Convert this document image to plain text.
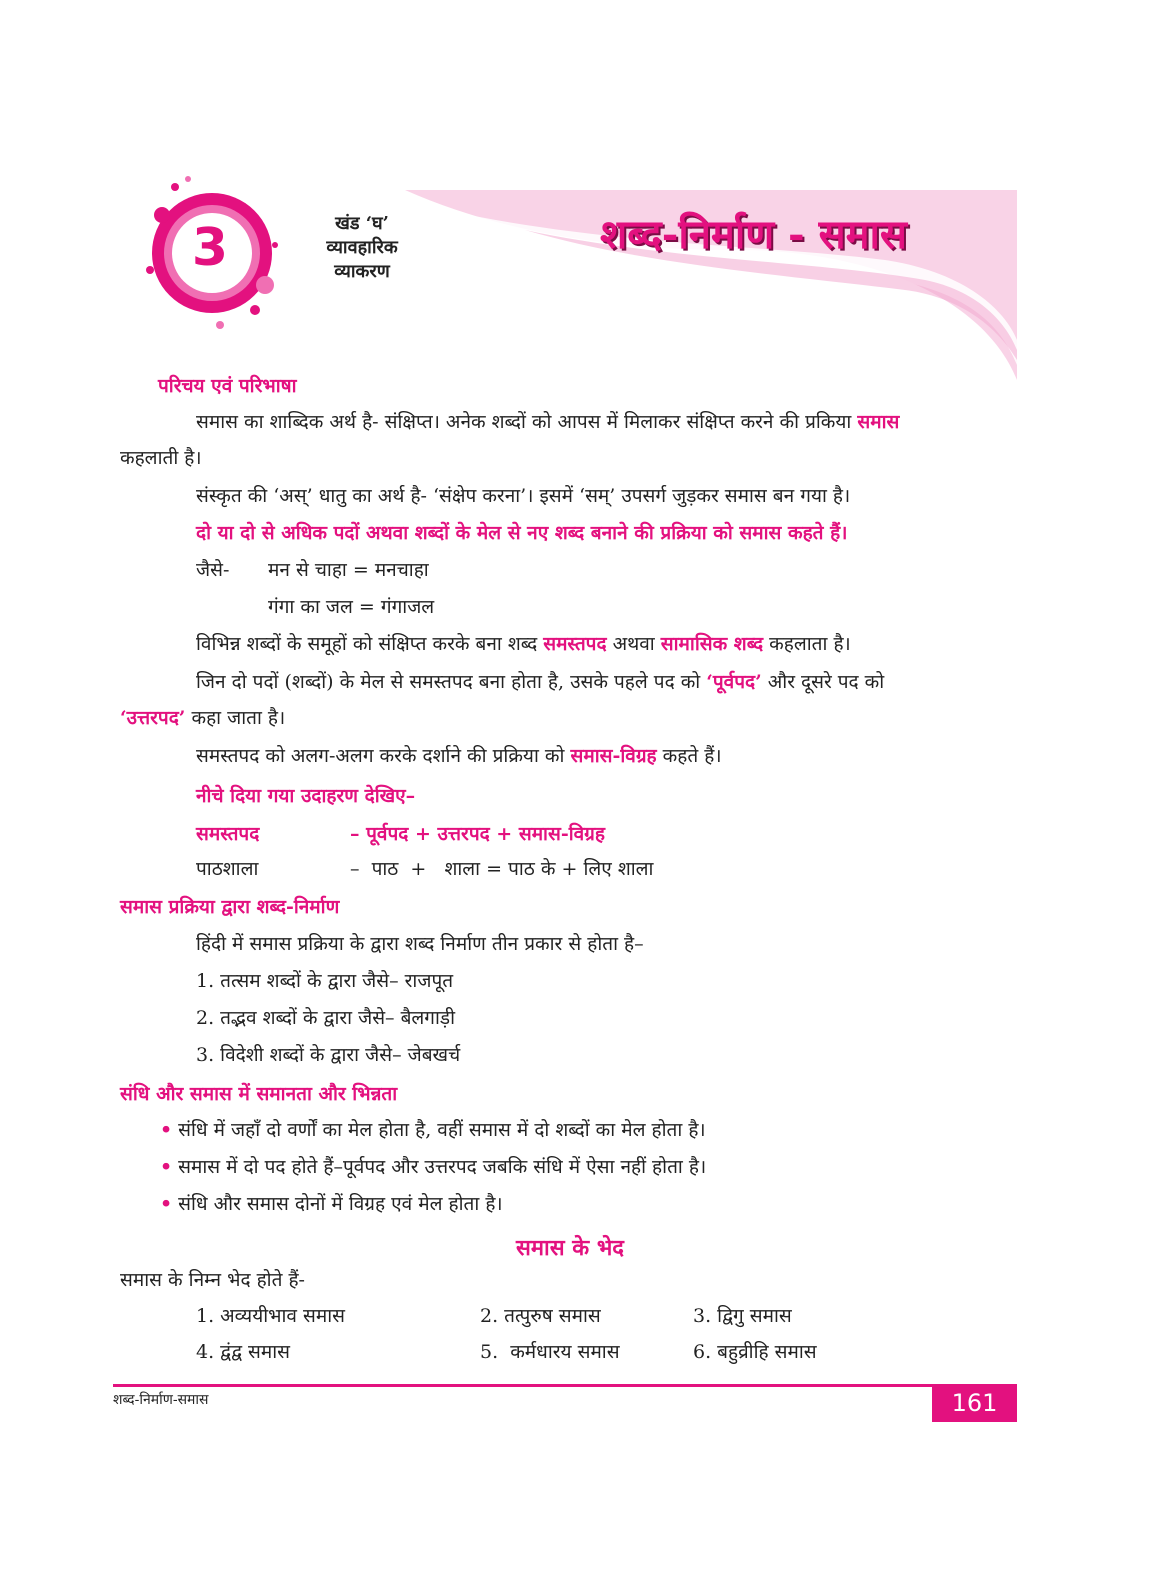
3	खंड ‘घ’
व्यावहारिक
व्याकरण
शब्द-निर्माण - समास
परिचय एवं परिभाषा
समास का शाब्दिक अर्थ है- संक्षिप्त। अनेक शब्दों को आपस में मिलाकर संक्षिप्त करने की प्रकिया समास
कहलाती है।
संस्कृत की ‘अस्’ धातु का अर्थ है- ‘संक्षेप करना’। इसमें ‘सम्’ उपसर्ग जुड़कर समास बन गया है।
दो या दो से अधिक पदों अथवा शब्दों के मेल से नए शब्द बनाने की प्रक्रिया को समास कहते हैं।
जैसे- मन से चाहा = मनचाहा
गंगा का जल = गंगाजल
विभिन्न शब्दों के समूहों को संक्षिप्त करके बना शब्द समस्तपद अथवा सामासिक शब्द कहलाता है।
जिन दो पदों (शब्दों) के मेल से समस्तपद बना होता है, उसके पहले पद को ‘पूर्वपद’ और दूसरे पद को
‘उत्तरपद’ कहा जाता है।
समस्तपद को अलग-अलग करके दर्शाने की प्रक्रिया को समास-विग्रह कहते हैं।
नीचे दिया गया उदाहरण देखिए–
समस्तपद	– पूर्वपद + उत्तरपद + समास-विग्रह
पाठशाला	–  पाठ  +   शाला = पाठ के + लिए शाला
समास प्रक्रिया द्वारा शब्द-निर्माण
हिंदी में समास प्रक्रिया के द्वारा शब्द निर्माण तीन प्रकार से होता है–
1. तत्सम शब्दों के द्वारा जैसे– राजपूत
2. तद्भव शब्दों के द्वारा जैसे– बैलगाड़ी
3. विदेशी शब्दों के द्वारा जैसे– जेबखर्च
संधि और समास में समानता और भिन्नता
• संधि में जहाँ दो वर्णों का मेल होता है, वहीं समास में दो शब्दों का मेल होता है।
• समास में दो पद होते हैं–पूर्वपद और उत्तरपद जबकि संधि में ऐसा नहीं होता है।
• संधि और समास दोनों में विग्रह एवं मेल होता है।
समास के भेद
समास के निम्न भेद होते हैं-
1. अव्ययीभाव समास	2. तत्पुरुष समास	3. द्विगु समास
4. द्वंद्व समास	5.  कर्मधारय समास	6. बहुव्रीहि समास
शब्द-निर्माण-समास	161
